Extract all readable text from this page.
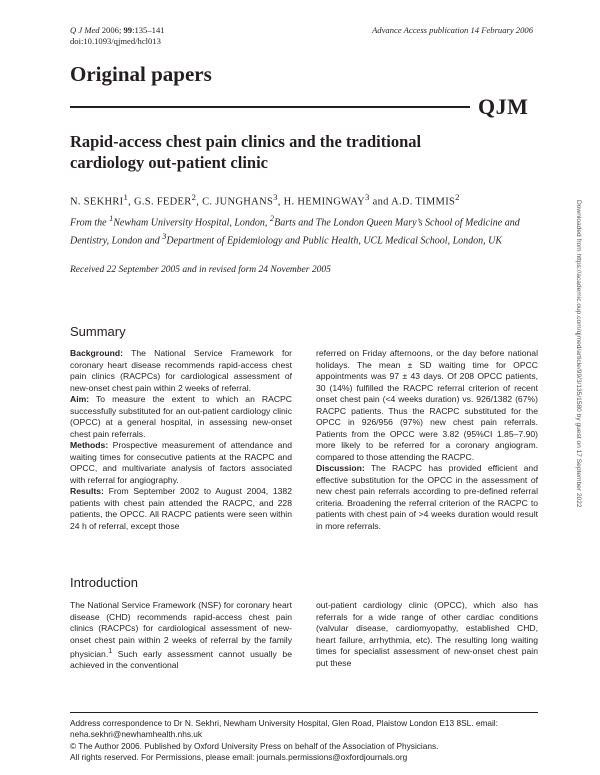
Q J Med 2006; 99:135–141
doi:10.1093/qjmed/hcl013
Advance Access publication 14 February 2006
Original papers
QJM
Rapid-access chest pain clinics and the traditional
cardiology out-patient clinic
N. SEKHRI$^1$, G.S. FEDER$^2$, C. JUNGHANS$^3$, H. HEMINGWAY$^3$ and A.D. TIMMIS$^2$
From the $^1$Newham University Hospital, London, $^2$Barts and The London Queen Mary’s School of Medicine and Dentistry, London and $^3$Department of Epidemiology and Public Health, UCL Medical School, London, UK
Received 22 September 2005 and in revised form 24 November 2005	Downloaded from https://academic.oup.com/qjmed/article/99/3/135/1580 by guest on 17 September 2022
Summary

Background: The National Service Framework for coronary heart disease recommends rapid-access chest pain clinics (RACPCs) for cardiological assessment of new-onset chest pain within 2 weeks of referral.

Aim: To measure the extent to which an RACPC successfully substituted for an out-patient cardiology clinic (OPCC) at a general hospital, in assessing new-onset chest pain referrals.

Methods: Prospective measurement of attendance and waiting times for consecutive patients at the RACPC and OPCC, and multivariate analysis of factors associated with referral for angiography.

Results: From September 2002 to August 2004, 1382 patients with chest pain attended the RACPC, and 228 patients, the OPCC. All RACPC patients were seen within 24 h of referral, except those

referred on Friday afternoons, or the day before national holidays. The mean ± SD waiting time for OPCC appointments was 97 ± 43 days. Of 208 OPCC patients, 30 (14%) fulfilled the RACPC referral criterion of recent onset chest pain (<4 weeks duration) vs. 926/1382 (67%) RACPC patients. Thus the RACPC substituted for the OPCC in 926/956 (97%) new chest pain referrals. Patients from the OPCC were 3.82 (95%CI 1.85–7.90) more likely to be referred for a coronary angiogram. compared to those attending the RACPC.

Discussion: The RACPC has provided efficient and effective substitution for the OPCC in the assessment of new chest pain referrals according to pre-defined referral criteria. Broadening the referral criterion of the RACPC to patients with chest pain of >4 weeks duration would result in more referrals.

Introduction

The National Service Framework (NSF) for coronary heart disease (CHD) recommends rapid-access chest pain clinics (RACPCs) for cardiological assessment of new-onset chest pain within 2 weeks of referral by the family physician.$^1$ Such early assessment cannot usually be achieved in the conventional

out-patient cardiology clinic (OPCC), which also has referrals for a wide range of other cardiac conditions (valvular disease, cardiomyopathy, established CHD, heart failure, arrhythmia, etc). The resulting long waiting times for specialist assessment of new-onset chest pain put these

Address correspondence to Dr N. Sekhri, Newham University Hospital, Glen Road, Plaistow London E13 8SL. email: neha.sekhri@newhamhealth.nhs.uk
© The Author 2006. Published by Oxford University Press on behalf of the Association of Physicians.
All rights reserved. For Permissions, please email: journals.permissions@oxfordjournals.org
